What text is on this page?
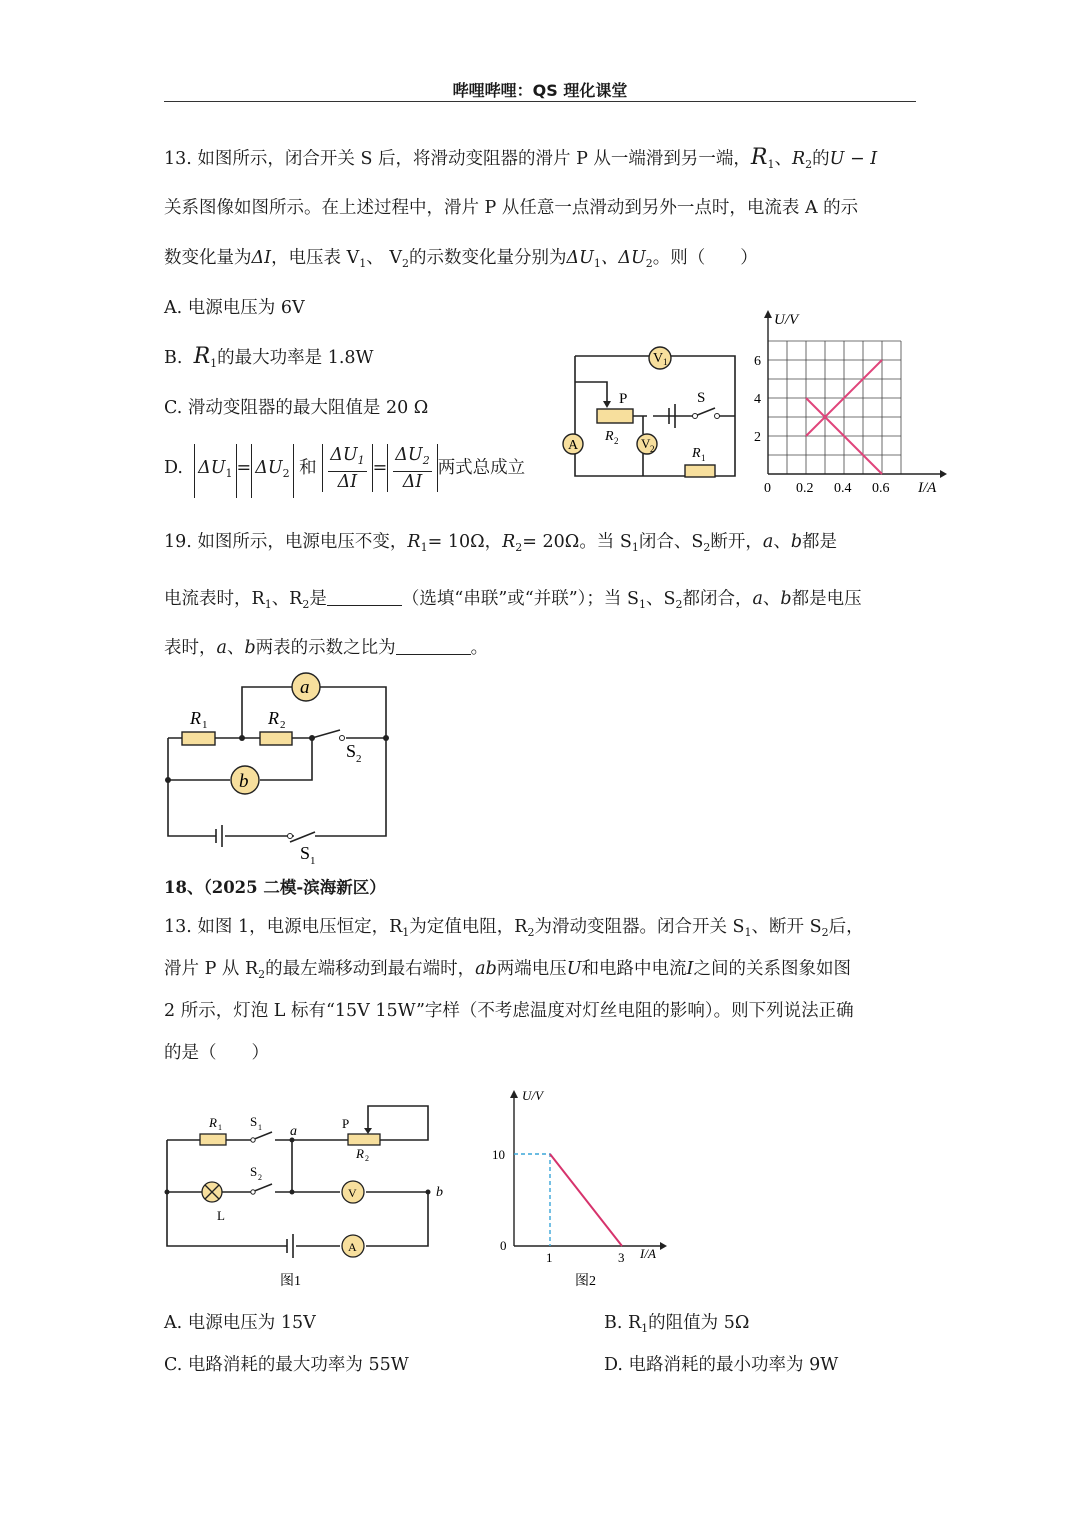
哔哩哔哩：QS 理化课堂
13. 如图所示，闭合开关 S 后，将滑动变阻器的滑片 P 从一端滑到另一端，$R_1$、$R_2$的U − I
关系图像如图所示。在上述过程中，滑片 P 从任意一点滑动到另外一点时，电流表 A 的示
数变化量为ΔI，电压表 $V_1$、 $V_2$的示数变化量分别为$\Delta U_1$、$\Delta U_2$。则（　　）
A. 电源电压为 6V
B. $R_1$的最大功率是 1.8W
C. 滑动变阻器的最大阻值是 20 Ω
D. $\Delta U_1 = \Delta U_2$ 和 $\frac{\Delta U_1}{\Delta I} = \frac{\Delta U_2}{\Delta I}$ 两式总成立
V 1
V 2
A
P	S
R 2
R 1
0 0.2 0.4 0.6
2
4
6
U/V
I/A
19. 如图所示，电源电压不变，$R_1= 10\Omega$，$R_2= 20\Omega$。当 $S_1$闭合、$S_2$断开，a、b都是
电流表时，$R_1$、$R_2$是	（选填“串联”或“并联”）；当 $S_1$、$S_2$都闭合，a、b都是电压
表时，a、b两表的示数之比为	。
a
b
R 1	R 2
S 2
S 1
18、（2025 二模-滨海新区）
13. 如图 1，电源电压恒定，$R_1$为定值电阻，$R_2$为滑动变阻器。闭合开关 $S_1$、断开 $S_2$后，
滑片 P 从 $R_2$的最左端移动到最右端时，ab两端电压U和电路中电流I之间的关系图象如图
2 所示，灯泡 L 标有“15V 15W”字样（不考虑温度对灯丝电阻的影响）。则下列说法正确
的是（　　）
R 1 S 1 a
P
R 2
S 2
L
V
A
b
图1
0
1	3
10
U/V
I/A
图2
A. 电源电压为 15V	B. $R_1$的阻值为 5Ω
C. 电路消耗的最大功率为 55W	D. 电路消耗的最小功率为 9W
